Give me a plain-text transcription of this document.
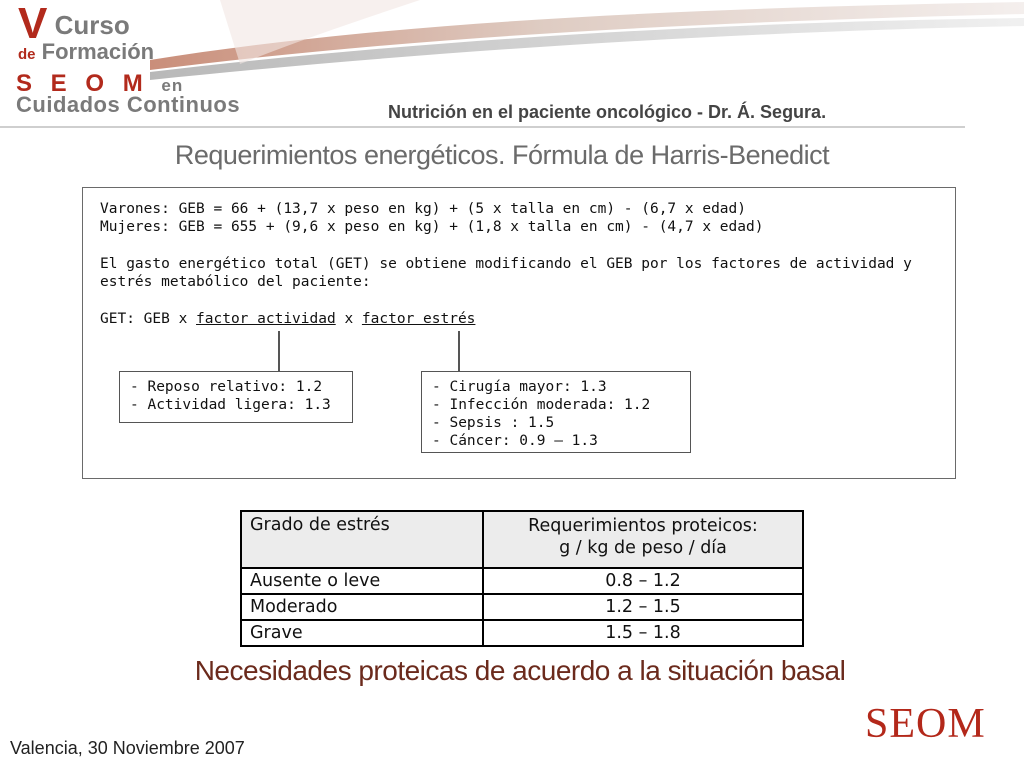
V Curso
de Formación
S E O M en
Cuidados Continuos	Nutrición en el paciente oncológico - Dr. Á. Segura.
Requerimientos energéticos. Fórmula de Harris-Benedict
Varones: GEB = 66 + (13,7 x peso en kg) + (5 x talla en cm) - (6,7 x edad)
Mujeres: GEB = 655 + (9,6 x peso en kg) + (1,8 x talla en cm) - (4,7 x edad)
El gasto energético total (GET) se obtiene modificando el GEB por los factores de actividad y
estrés metabólico del paciente:
GET: GEB x factor actividad x factor estrés
- Reposo relativo: 1.2
- Actividad ligera: 1.3
- Cirugía mayor: 1.3
- Infección moderada: 1.2
- Sepsis : 1.5
- Cáncer: 0.9 – 1.3
Grado de estrés	Requerimientos proteicos:
g / kg de peso / día
Ausente o leve	0.8 – 1.2
Moderado	1.2 – 1.5
Grave	1.5 – 1.8
Necesidades proteicas de acuerdo a la situación basal
Valencia, 30 Noviembre 2007
SEOM
